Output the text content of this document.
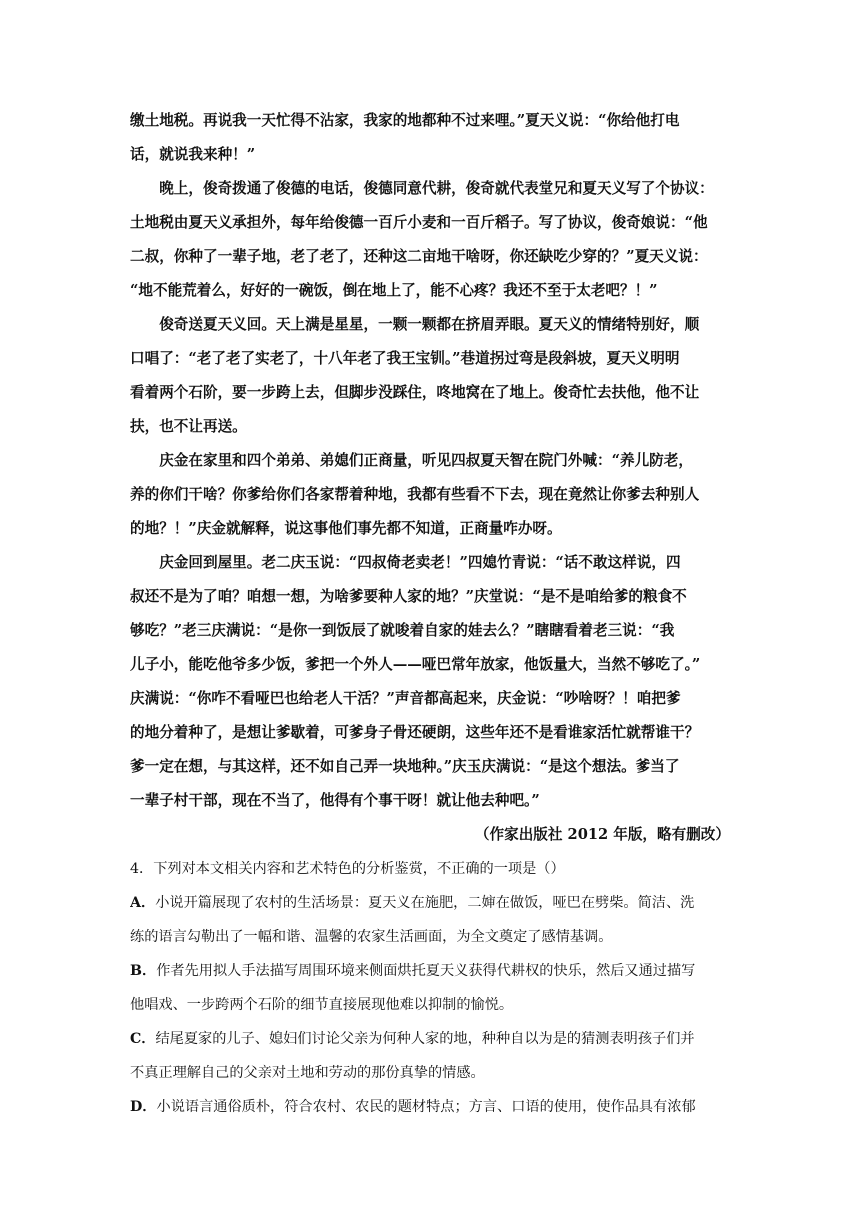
缴土地税。再说我一天忙得不沾家，我家的地都种不过来哩。”夏天义说：“你给他打电
话，就说我来种！”
　　晚上，俊奇拨通了俊德的电话，俊德同意代耕，俊奇就代表堂兄和夏天义写了个协议：
土地税由夏天义承担外，每年给俊德一百斤小麦和一百斤稻子。写了协议，俊奇娘说：“他
二叔，你种了一辈子地，老了老了，还种这二亩地干啥呀，你还缺吃少穿的？”夏天义说：
“地不能荒着么，好好的一碗饭，倒在地上了，能不心疼？我还不至于太老吧？！”
　　俊奇送夏天义回。天上满是星星，一颗一颗都在挤眉弄眼。夏天义的情绪特别好，顺
口唱了：“老了老了实老了，十八年老了我王宝钏。”巷道拐过弯是段斜坡，夏天义明明
看着两个石阶，要一步跨上去，但脚步没踩住，咚地窝在了地上。俊奇忙去扶他，他不让
扶，也不让再送。
　　庆金在家里和四个弟弟、弟媳们正商量，听见四叔夏天智在院门外喊：“养儿防老，
养的你们干啥？你爹给你们各家帮着种地，我都有些看不下去，现在竟然让你爹去种别人
的地？！”庆金就解释，说这事他们事先都不知道，正商量咋办呀。
　　庆金回到屋里。老二庆玉说：“四叔倚老卖老！”四媳竹青说：“话不敢这样说，四
叔还不是为了咱？咱想一想，为啥爹要种人家的地？”庆堂说：“是不是咱给爹的粮食不
够吃？”老三庆满说：“是你一到饭辰了就唆着自家的娃去么？”瞎瞎看着老三说：“我
儿子小，能吃他爷多少饭，爹把一个外人——哑巴常年放家，他饭量大，当然不够吃了。”
庆满说：“你咋不看哑巴也给老人干活？”声音都高起来，庆金说：“吵啥呀？！咱把爹
的地分着种了，是想让爹歇着，可爹身子骨还硬朗，这些年还不是看谁家活忙就帮谁干？
爹一定在想，与其这样，还不如自己弄一块地种。”庆玉庆满说：“是这个想法。爹当了
一辈子村干部，现在不当了，他得有个事干呀！就让他去种吧。”
（作家出版社 2012 年版，略有删改）
4．下列对本文相关内容和艺术特色的分析鉴赏，不正确的一项是（）
A．小说开篇展现了农村的生活场景：夏天义在施肥，二婶在做饭，哑巴在劈柴。简洁、洗
练的语言勾勒出了一幅和谐、温馨的农家生活画面，为全文奠定了感情基调。
B．作者先用拟人手法描写周围环境来侧面烘托夏天义获得代耕权的快乐，然后又通过描写
他唱戏、一步跨两个石阶的细节直接展现他难以抑制的愉悦。
C．结尾夏家的儿子、媳妇们讨论父亲为何种人家的地，种种自以为是的猜测表明孩子们并
不真正理解自己的父亲对土地和劳动的那份真挚的情感。
D．小说语言通俗质朴，符合农村、农民的题材特点；方言、口语的使用，使作品具有浓郁
